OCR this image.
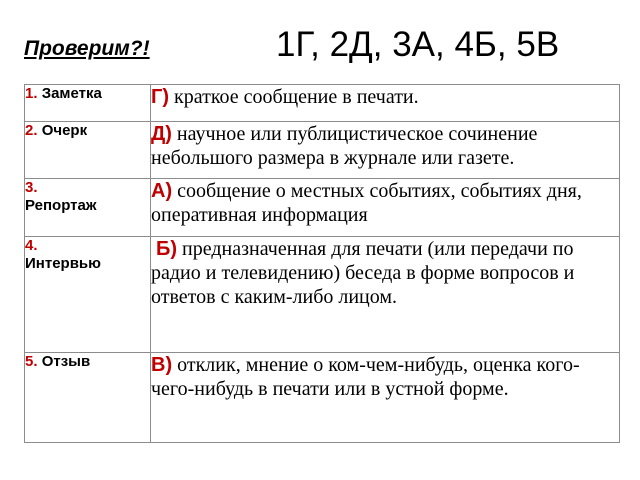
Проверим?!	1Г, 2Д, 3А, 4Б, 5В
1. Заметка	Г) краткое сообщение в печати.
2. Очерк	Д) научное или публицистическое сочинение небольшого размера в журнале или газете.
3.
Репортаж	А) сообщение о местных событиях, событиях дня, оперативная информация
4.
Интервью	Б) предназначенная для печати (или передачи по радио и телевидению) беседа в форме вопросов и ответов с каким-либо лицом.
5. Отзыв	В) отклик, мнение о ком-чем-нибудь, оценка кого-чего-нибудь в печати или в устной форме.
